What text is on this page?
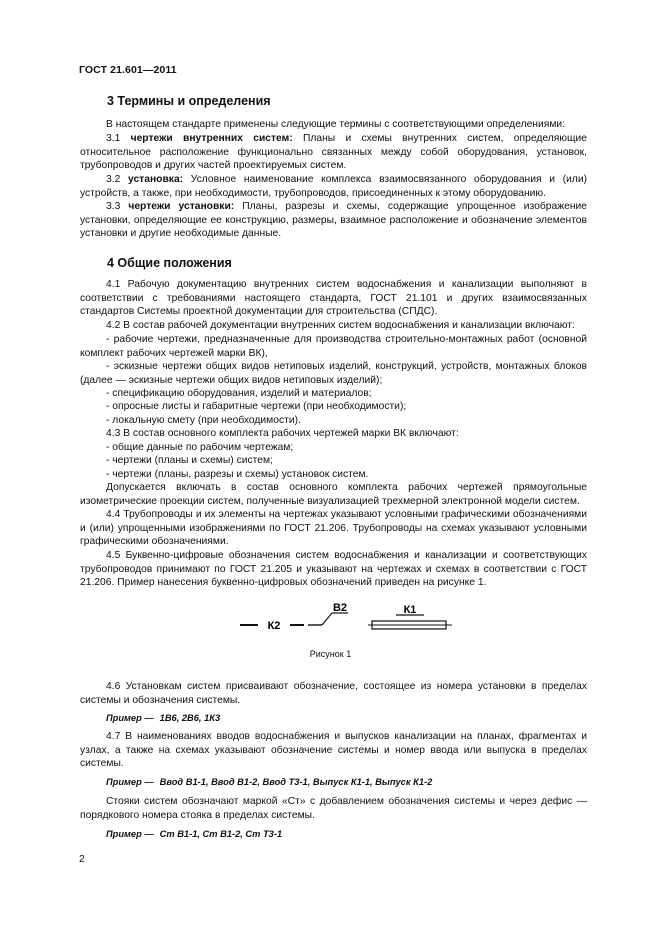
ГОСТ 21.601—2011
3 Термины и определения
В настоящем стандарте применены следующие термины с соответствующими определениями:
3.1 чертежи внутренних систем: Планы и схемы внутренних систем, определяющие относительное расположение функционально связанных между собой оборудования, установок, трубопроводов и других частей проектируемых систем.
3.2 установка: Условное наименование комплекса взаимосвязанного оборудования и (или) устройств, а также, при необходимости, трубопроводов, присоединенных к этому оборудованию.
3.3 чертежи установки: Планы, разрезы и схемы, содержащие упрощенное изображение установки, определяющие ее конструкцию, размеры, взаимное расположение и обозначение элементов установки и другие необходимые данные.
4 Общие положения
4.1 Рабочую документацию внутренних систем водоснабжения и канализации выполняют в соответствии с требованиями настоящего стандарта, ГОСТ 21.101 и других взаимосвязанных стандартов Системы проектной документации для строительства (СПДС).
4.2 В состав рабочей документации внутренних систем водоснабжения и канализации включают:
- рабочие чертежи, предназначенные для производства строительно-монтажных работ (основной комплект рабочих чертежей марки ВК),
- эскизные чертежи общих видов нетиповых изделий, конструкций, устройств, монтажных блоков (далее — эскизные чертежи общих видов нетиповых изделий);
- спецификацию оборудования, изделий и материалов;
- опросные листы и габаритные чертежи (при необходимости);
- локальную смету (при необходимости).
4.3 В состав основного комплекта рабочих чертежей марки ВК включают:
- общие данные по рабочим чертежам;
- чертежи (планы и схемы) систем;
- чертежи (планы, разрезы и схемы) установок систем.
Допускается включать в состав основного комплекта рабочих чертежей прямоугольные изометрические проекции систем, полученные визуализацией трехмерной электронной модели систем.
4.4 Трубопроводы и их элементы на чертежах указывают условными графическими обозначениями и (или) упрощенными изображениями по ГОСТ 21.206. Трубопроводы на схемах указывают условными графическими обозначениями.
4.5 Буквенно-цифровые обозначения систем водоснабжения и канализации и соответствующих трубопроводов принимают по ГОСТ 21.205 и указывают на чертежах и схемах в соответствии с ГОСТ 21.206. Пример нанесения буквенно-цифровых обозначений приведен на рисунке 1.
К2
В2	К1
Рисунок 1
4.6 Установкам систем присваивают обозначение, состоящее из номера установки в пределах системы и обозначения системы.
Пример — 1В6, 2В6, 1К3
4.7 В наименованиях вводов водоснабжения и выпусков канализации на планах, фрагментах и узлах, а также на схемах указывают обозначение системы и номер ввода или выпуска в пределах системы.
Пример — Ввод В1-1, Ввод В1-2, Ввод Т3-1, Выпуск К1-1, Выпуск К1-2
Стояки систем обозначают маркой «Ст» с добавлением обозначения системы и через дефис — порядкового номера стояка в пределах системы.
Пример — Ст В1-1, Ст В1-2, Ст Т3-1
2
